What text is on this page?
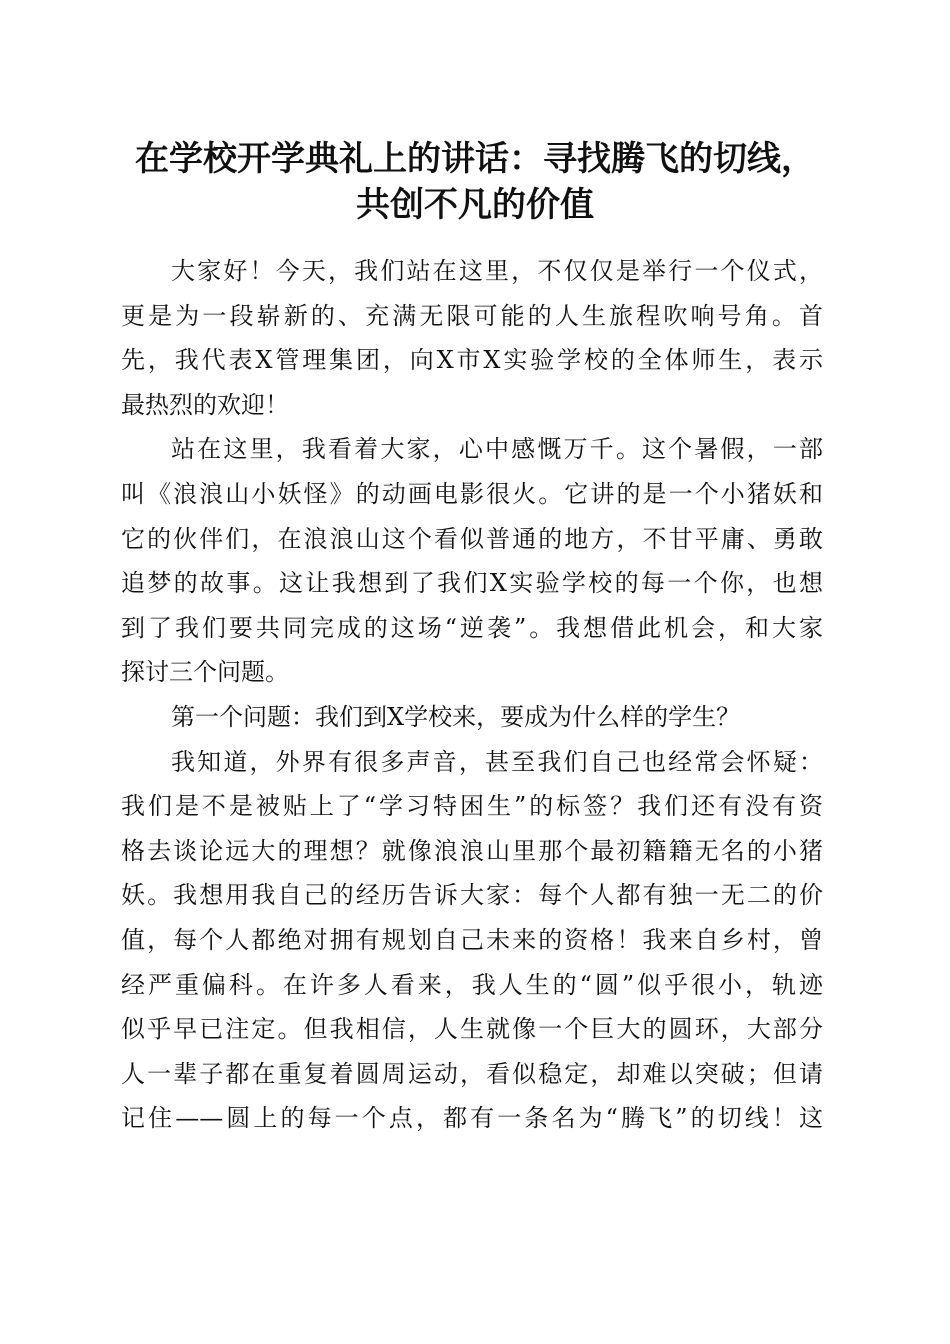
在学校开学典礼上的讲话：寻找腾飞的切线，
共创不凡的价值
大家好！今天，我们站在这里，不仅仅是举行一个仪式，
更是为一段崭新的、充满无限可能的人生旅程吹响号角。首
先，我代表X管理集团，向X市X实验学校的全体师生，表示
最热烈的欢迎！
站在这里，我看着大家，心中感慨万千。这个暑假，一部
叫《浪浪山小妖怪》的动画电影很火。它讲的是一个小猪妖和
它的伙伴们，在浪浪山这个看似普通的地方，不甘平庸、勇敢
追梦的故事。这让我想到了我们X实验学校的每一个你，也想
到了我们要共同完成的这场“逆袭”。我想借此机会，和大家
探讨三个问题。
第一个问题：我们到X学校来，要成为什么样的学生？
我知道，外界有很多声音，甚至我们自己也经常会怀疑：
我们是不是被贴上了“学习特困生”的标签？我们还有没有资
格去谈论远大的理想？就像浪浪山里那个最初籍籍无名的小猪
妖。我想用我自己的经历告诉大家：每个人都有独一无二的价
值，每个人都绝对拥有规划自己未来的资格！我来自乡村，曾
经严重偏科。在许多人看来，我人生的“圆”似乎很小，轨迹
似乎早已注定。但我相信，人生就像一个巨大的圆环，大部分
人一辈子都在重复着圆周运动，看似稳定，却难以突破；但请
记住——圆上的每一个点，都有一条名为“腾飞”的切线！这
